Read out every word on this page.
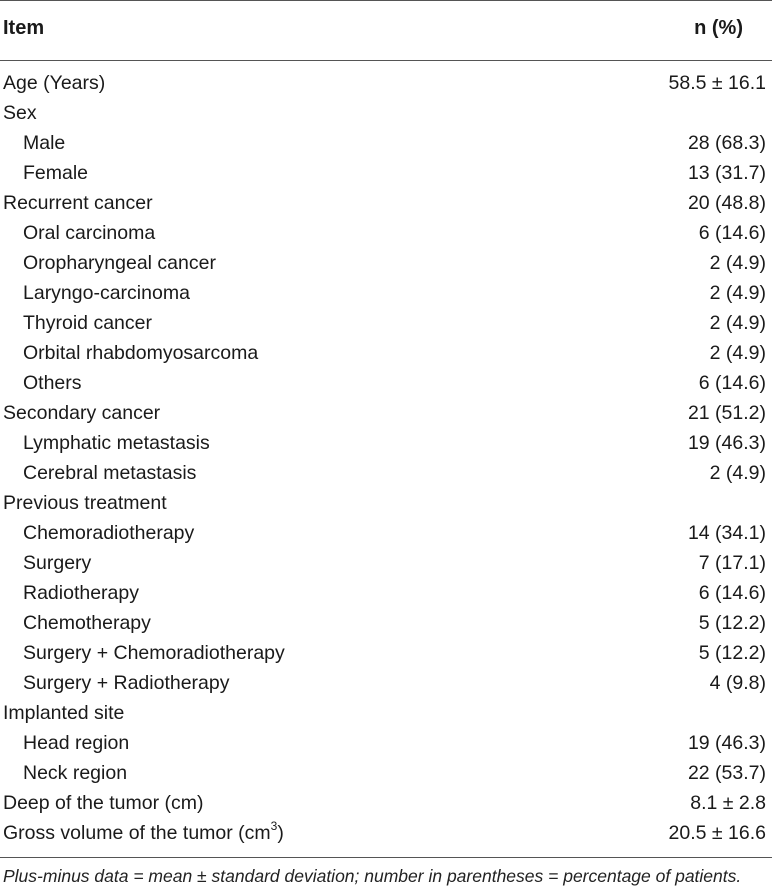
Item	n (%)
Age (Years)	58.5 ± 16.1
Sex
Male	28 (68.3)
Female	13 (31.7)
Recurrent cancer	20 (48.8)
Oral carcinoma	6 (14.6)
Oropharyngeal cancer	2 (4.9)
Laryngo-carcinoma	2 (4.9)
Thyroid cancer	2 (4.9)
Orbital rhabdomyosarcoma	2 (4.9)
Others	6 (14.6)
Secondary cancer	21 (51.2)
Lymphatic metastasis	19 (46.3)
Cerebral metastasis	2 (4.9)
Previous treatment
Chemoradiotherapy	14 (34.1)
Surgery	7 (17.1)
Radiotherapy	6 (14.6)
Chemotherapy	5 (12.2)
Surgery + Chemoradiotherapy	5 (12.2)
Surgery + Radiotherapy	4 (9.8)
Implanted site
Head region	19 (46.3)
Neck region	22 (53.7)
Deep of the tumor (cm)	8.1 ± 2.8
Gross volume of the tumor $(cm^3)$	20.5 ± 16.6
Plus-minus data = mean ± standard deviation; number in parentheses = percentage of patients.
